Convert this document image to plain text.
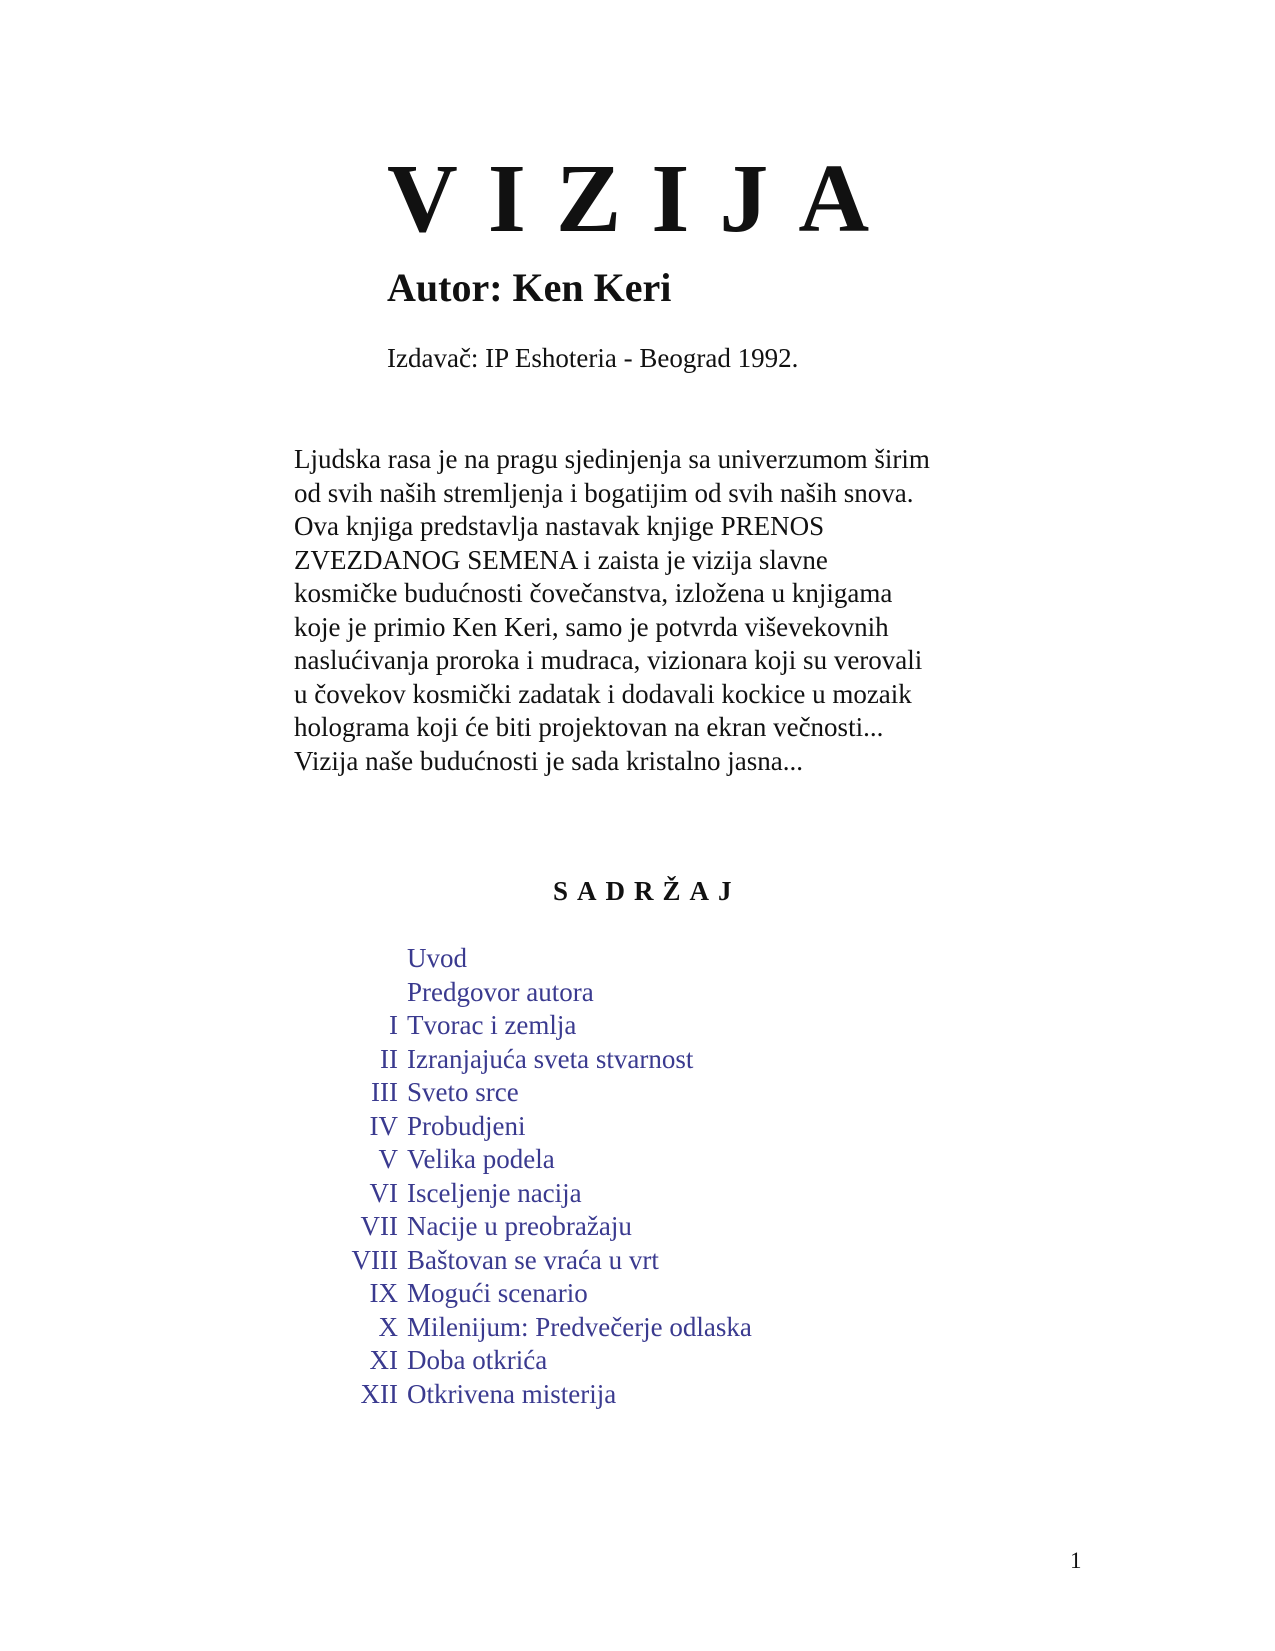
VIZIJA
Autor: Ken Keri
Izdavač: IP Eshoteria - Beograd 1992.
Ljudska rasa je na pragu sjedinjenja sa univerzumom širim
od svih naših stremljenja i bogatijim od svih naših snova.
Ova knjiga predstavlja nastavak knjige PRENOS
ZVEZDANOG SEMENA i zaista je vizija slavne
kosmičke budućnosti čovečanstva, izložena u knjigama
koje je primio Ken Keri, samo je potvrda viševekovnih
naslućivanja proroka i mudraca, vizionara koji su verovali
u čovekov kosmički zadatak i dodavali kockice u mozaik
holograma koji će biti projektovan na ekran večnosti...
Vizija naše budućnosti je sada kristalno jasna...
SADRŽAJ
Uvod
Predgovor autora
I Tvorac i zemlja
II Izranjajuća sveta stvarnost
III Sveto srce
IV Probudjeni
V Velika podela
VI Isceljenje nacija
VII Nacije u preobražaju
VIII Baštovan se vraća u vrt
IX Mogući scenario
X Milenijum: Predvečerje odlaska
XI Doba otkrića
XII Otkrivena misterija
1
